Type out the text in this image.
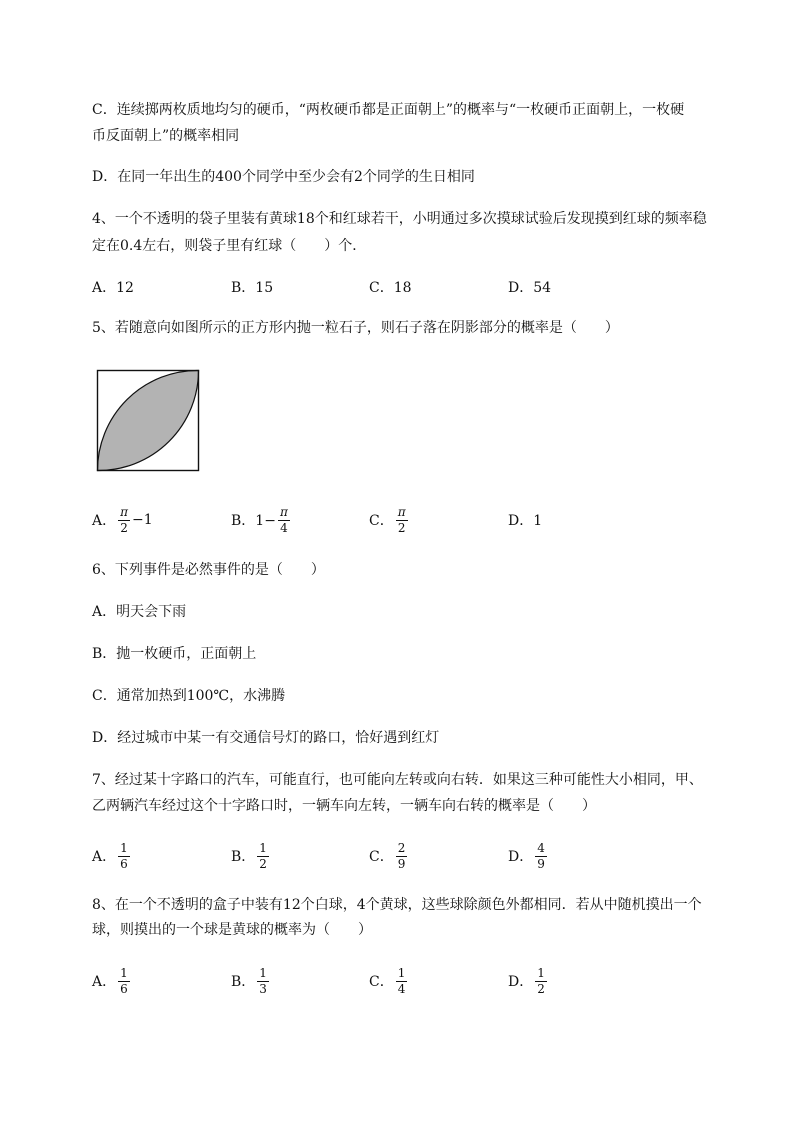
C．连续掷两枚质地均匀的硬币，“两枚硬币都是正面朝上”的概率与“一枚硬币正面朝上，一枚硬
币反面朝上”的概率相同
D．在同一年出生的400个同学中至少会有2个同学的生日相同
4、一个不透明的袋子里装有黄球18个和红球若干，小明通过多次摸球试验后发现摸到红球的频率稳
定在0.4左右，则袋子里有红球（　　）个．
A．12	B．15	C．18	D．54
5、若随意向如图所示的正方形内抛一粒石子，则石子落在阴影部分的概率是（　　）
A． $\frac{\pi}{2} -1$	B．$1- \frac{\pi}{4}$	C． $\frac{\pi}{2}$	D．1
6、下列事件是必然事件的是（　　）
A．明天会下雨
B．抛一枚硬币，正面朝上
C．通常加热到100℃，水沸腾
D．经过城市中某一有交通信号灯的路口，恰好遇到红灯
7、经过某十字路口的汽车，可能直行，也可能向左转或向右转．如果这三种可能性大小相同，甲、
乙两辆汽车经过这个十字路口时，一辆车向左转，一辆车向右转的概率是（　　）
A． $\frac{1}{6}$	B． $\frac{1}{2}$	C． $\frac{2}{9}$	D． $\frac{4}{9}$
8、在一个不透明的盒子中装有12个白球，4个黄球，这些球除颜色外都相同．若从中随机摸出一个
球，则摸出的一个球是黄球的概率为（　　）
A． $\frac{1}{6}$	B． $\frac{1}{3}$	C． $\frac{1}{4}$	D． $\frac{1}{2}$
